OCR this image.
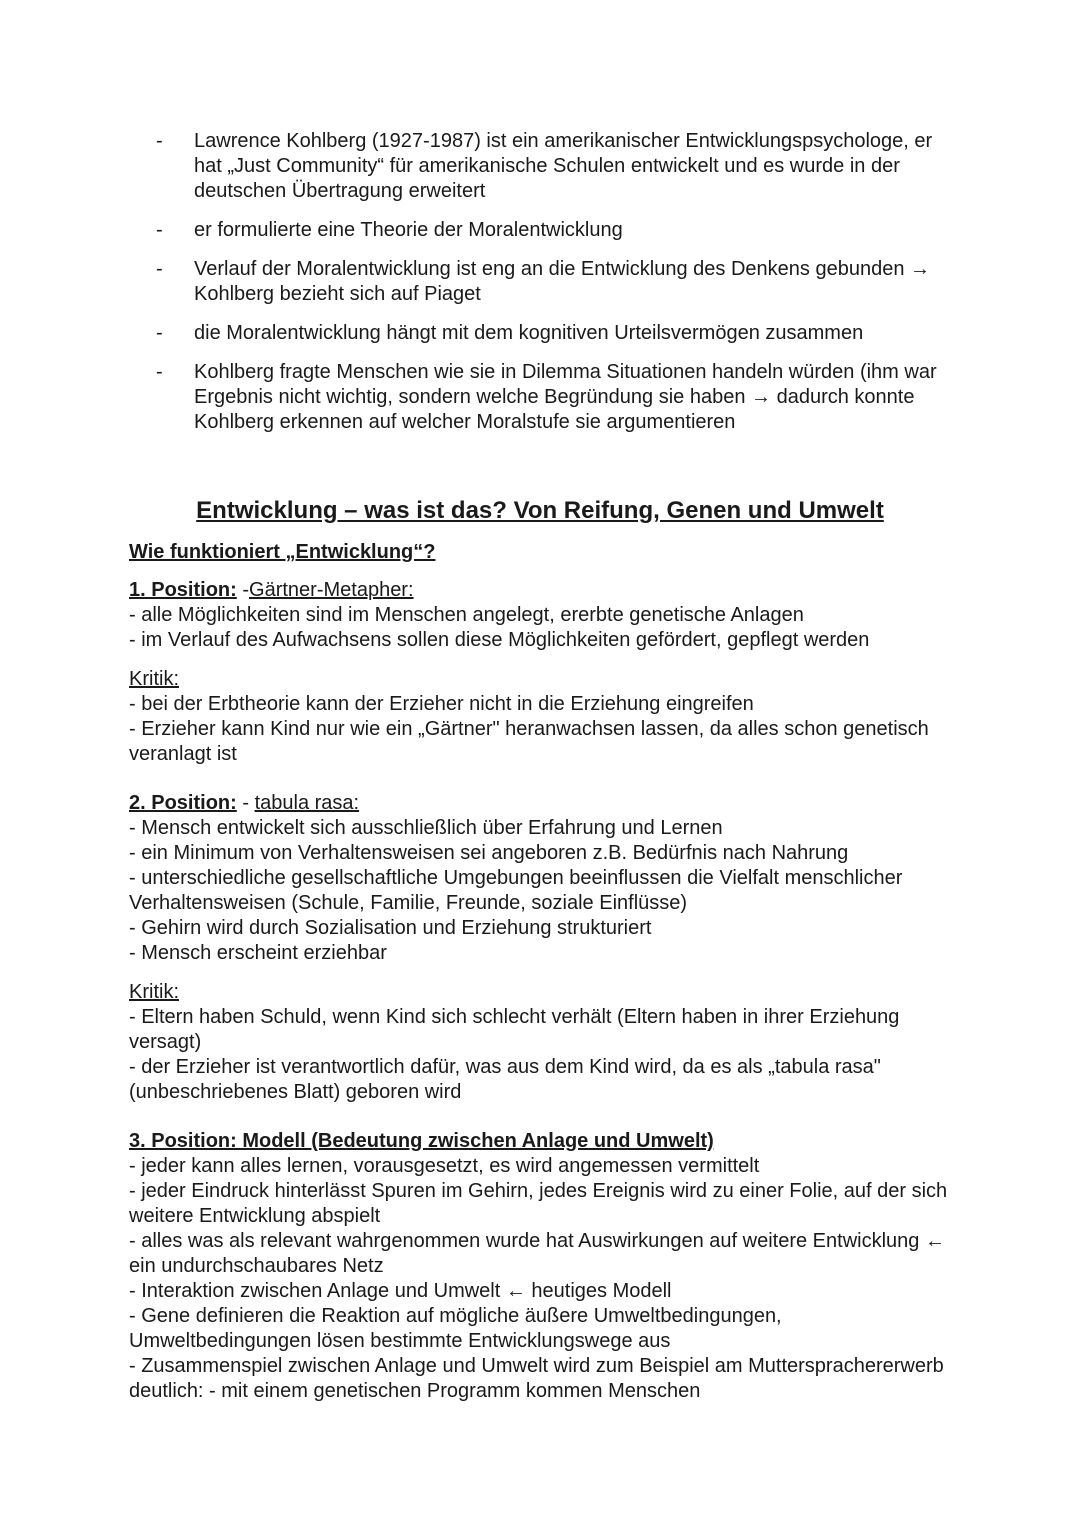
- Lawrence Kohlberg (1927-1987) ist ein amerikanischer Entwicklungspsychologe, er hat „Just Community“ für amerikanische Schulen entwickelt und es wurde in der deutschen Übertragung erweitert
- er formulierte eine Theorie der Moralentwicklung
- Verlauf der Moralentwicklung ist eng an die Entwicklung des Denkens gebunden → Kohlberg bezieht sich auf Piaget
- die Moralentwicklung hängt mit dem kognitiven Urteilsvermögen zusammen
- Kohlberg fragte Menschen wie sie in Dilemma Situationen handeln würden (ihm war Ergebnis nicht wichtig, sondern welche Begründung sie haben → dadurch konnte Kohlberg erkennen auf welcher Moralstufe sie argumentieren
Entwicklung – was ist das? Von Reifung, Genen und Umwelt

Wie funktioniert „Entwicklung“?

1. Position: -Gärtner-Metapher:

- alle Möglichkeiten sind im Menschen angelegt, ererbte genetische Anlagen

- im Verlauf des Aufwachsens sollen diese Möglichkeiten gefördert, gepflegt werden

Kritik:

- bei der Erbtheorie kann der Erzieher nicht in die Erziehung eingreifen

- Erzieher kann Kind nur wie ein „Gärtner" heranwachsen lassen, da alles schon genetisch veranlagt ist

2. Position: - tabula rasa:

- Mensch entwickelt sich ausschließlich über Erfahrung und Lernen

- ein Minimum von Verhaltensweisen sei angeboren z.B. Bedürfnis nach Nahrung

- unterschiedliche gesellschaftliche Umgebungen beeinflussen die Vielfalt menschlicher Verhaltensweisen (Schule, Familie, Freunde, soziale Einflüsse)

- Gehirn wird durch Sozialisation und Erziehung strukturiert

- Mensch erscheint erziehbar

Kritik:

- Eltern haben Schuld, wenn Kind sich schlecht verhält (Eltern haben in ihrer Erziehung versagt)

- der Erzieher ist verantwortlich dafür, was aus dem Kind wird, da es als „tabula rasa" (unbeschriebenes Blatt) geboren wird

3. Position: Modell (Bedeutung zwischen Anlage und Umwelt)

- jeder kann alles lernen, vorausgesetzt, es wird angemessen vermittelt

- jeder Eindruck hinterlässt Spuren im Gehirn, jedes Ereignis wird zu einer Folie, auf der sich weitere Entwicklung abspielt

- alles was als relevant wahrgenommen wurde hat Auswirkungen auf weitere Entwicklung ← ein undurchschaubares Netz

- Interaktion zwischen Anlage und Umwelt ← heutiges Modell

- Gene definieren die Reaktion auf mögliche äußere Umweltbedingungen, Umweltbedingungen lösen bestimmte Entwicklungswege aus

- Zusammenspiel zwischen Anlage und Umwelt wird zum Beispiel am Muttersprachererwerb deutlich: - mit einem genetischen Programm kommen Menschen
